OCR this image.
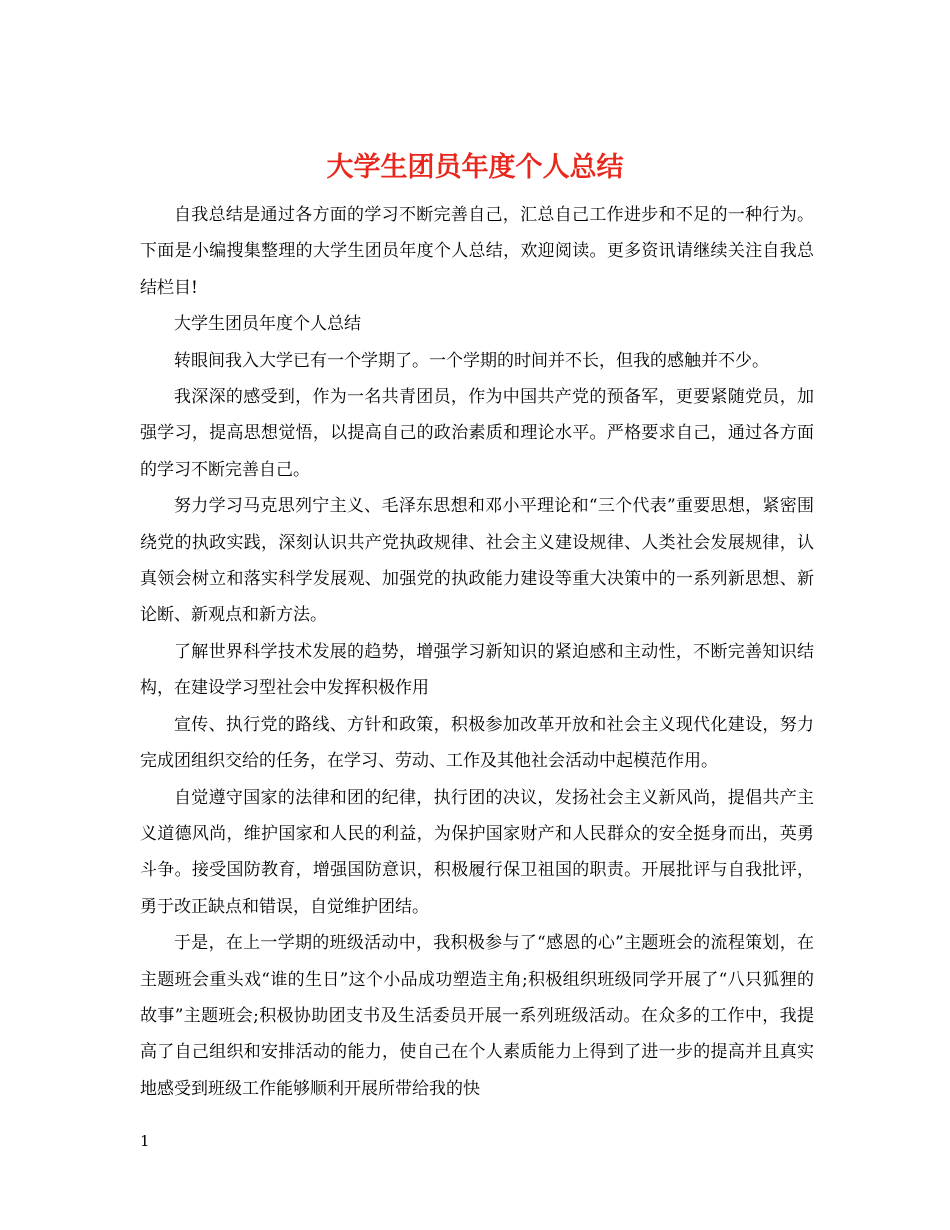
大学生团员年度个人总结

自我总结是通过各方面的学习不断完善自己，汇总自己工作进步和不足的一种行为。下面是小编搜集整理的大学生团员年度个人总结，欢迎阅读。更多资讯请继续关注自我总结栏目!

大学生团员年度个人总结

转眼间我入大学已有一个学期了。一个学期的时间并不长，但我的感触并不少。

我深深的感受到，作为一名共青团员，作为中国共产党的预备军，更要紧随党员，加强学习，提高思想觉悟，以提高自己的政治素质和理论水平。严格要求自己，通过各方面的学习不断完善自己。

努力学习马克思列宁主义、毛泽东思想和邓小平理论和“三个代表”重要思想，紧密围绕党的执政实践，深刻认识共产党执政规律、社会主义建设规律、人类社会发展规律，认真领会树立和落实科学发展观、加强党的执政能力建设等重大决策中的一系列新思想、新论断、新观点和新方法。

了解世界科学技术发展的趋势，增强学习新知识的紧迫感和主动性，不断完善知识结构，在建设学习型社会中发挥积极作用

宣传、执行党的路线、方针和政策，积极参加改革开放和社会主义现代化建设，努力完成团组织交给的任务，在学习、劳动、工作及其他社会活动中起模范作用。

自觉遵守国家的法律和团的纪律，执行团的决议，发扬社会主义新风尚，提倡共产主义道德风尚，维护国家和人民的利益，为保护国家财产和人民群众的安全挺身而出，英勇斗争。接受国防教育，增强国防意识，积极履行保卫祖国的职责。开展批评与自我批评，勇于改正缺点和错误，自觉维护团结。

于是，在上一学期的班级活动中，我积极参与了“感恩的心”主题班会的流程策划，在主题班会重头戏“谁的生日”这个小品成功塑造主角;积极组织班级同学开展了“八只狐狸的故事”主题班会;积极协助团支书及生活委员开展一系列班级活动。在众多的工作中，我提高了自己组织和安排活动的能力，使自己在个人素质能力上得到了进一步的提高并且真实地感受到班级工作能够顺利开展所带给我的快

1
